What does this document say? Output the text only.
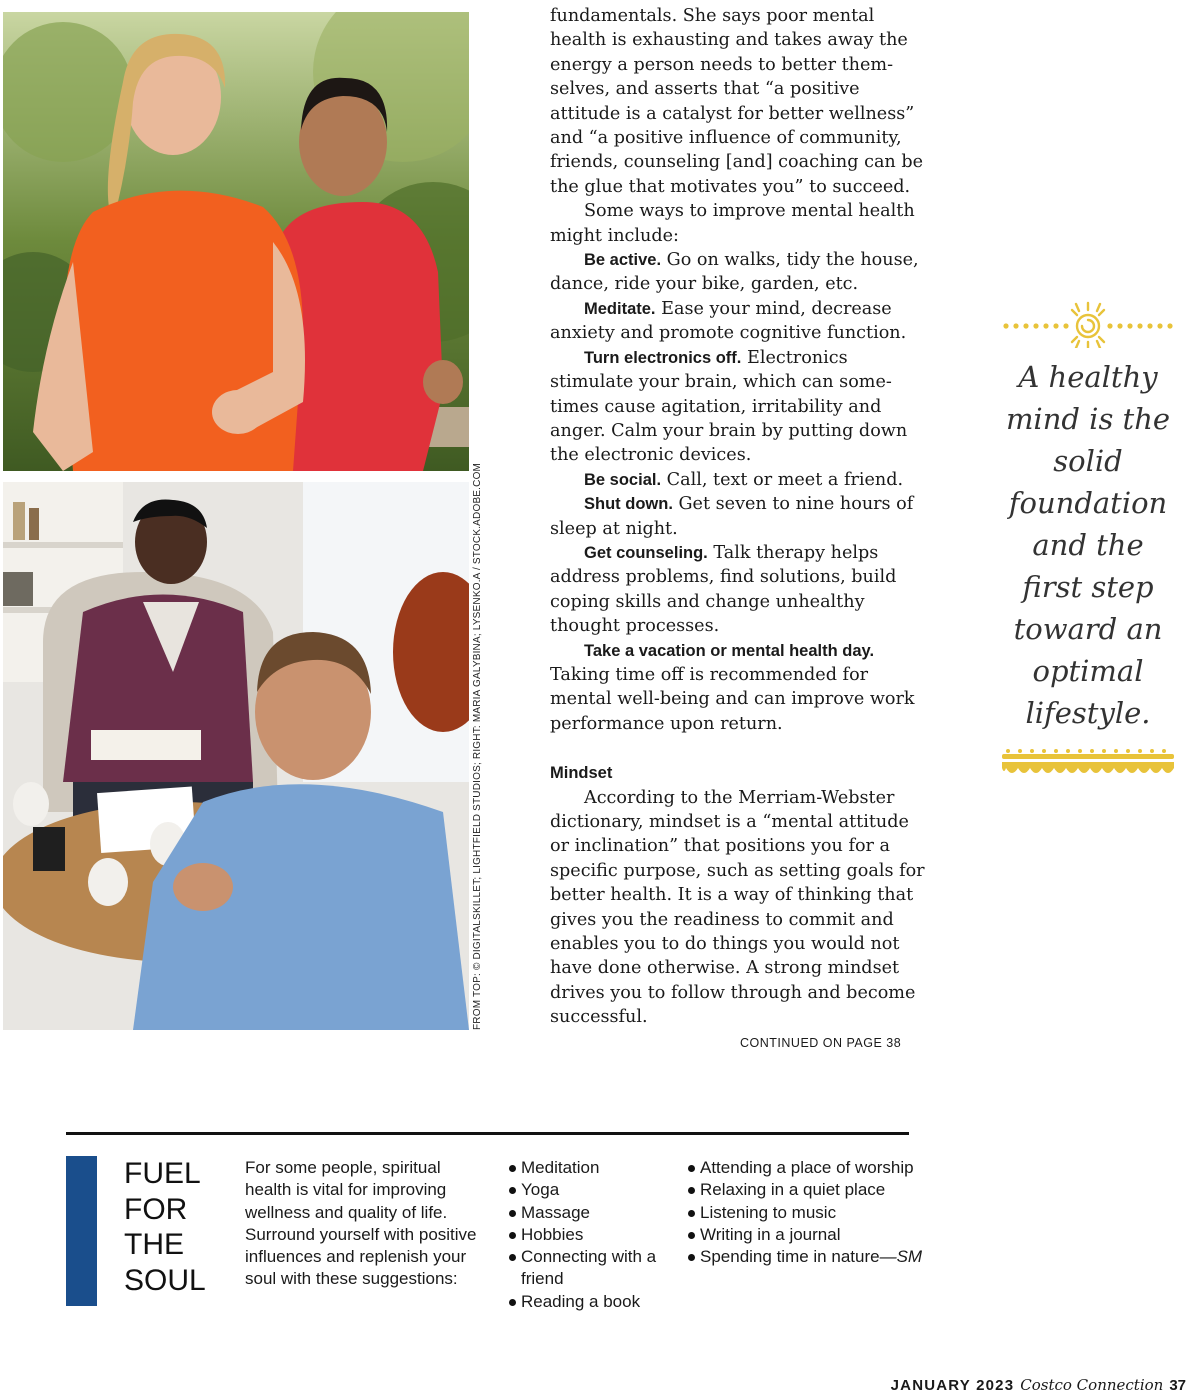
FROM TOP: © DIGITALSKILLET; LIGHTFIELD STUDIOS; RIGHT: MARIA GALYBINA; LYSENKO.A / STOCK.ADOBE.COM

fundamentals. She says poor mental health is exhausting and takes away the energy a person needs to better themselves, and asserts that “a positive attitude is a catalyst for better wellness” and “a positive influence of community, friends, counseling [and] coaching can be the glue that motivates you” to succeed.

Some ways to improve mental health might include:

Be active. Go on walks, tidy the house, dance, ride your bike, garden, etc.

Meditate. Ease your mind, decrease anxiety and promote cognitive function.

Turn electronics off. Electronics stimulate your brain, which can sometimes cause agitation, irritability and anger. Calm your brain by putting down the electronic devices.

Be social. Call, text or meet a friend.

Shut down. Get seven to nine hours of sleep at night.

Get counseling. Talk therapy helps address problems, find solutions, build coping skills and change unhealthy thought processes.

Take a vacation or mental health day. Taking time off is recommended for mental well-being and can improve work performance upon return.

Mindset

According to the Merriam-Webster dictionary, mindset is a “mental attitude or inclination” that positions you for a specific purpose, such as setting goals for better health. It is a way of thinking that gives you the readiness to commit and enables you to do things you would not have done otherwise. A strong mindset drives you to follow through and become successful.

CONTINUED ON PAGE 38
A healthy mind is the solid foundation and the first step toward an optimal lifestyle.
FUEL
FOR
THE
SOUL
For some people, spiritual health is vital for improving wellness and quality of life. Surround yourself with positive influences and replenish your soul with these suggestions:
Meditation
Yoga
Massage
Hobbies
Connecting with a friend
Reading a book
Attending a place of worship
Relaxing in a quiet place
Listening to music
Writing in a journal
Spending time in nature—SM
JANUARY 2023 Costco Connection 37
